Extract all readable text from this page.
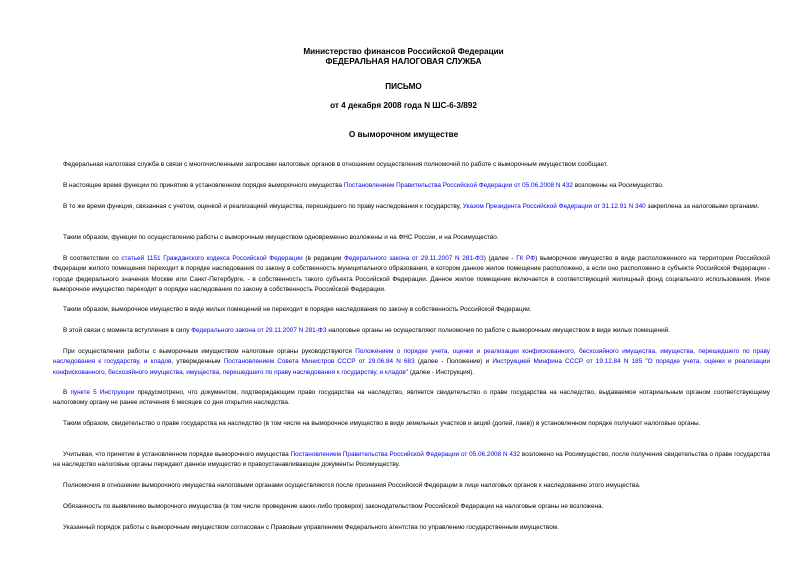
Министерство финансов Российской Федерации
ФЕДЕРАЛЬНАЯ НАЛОГОВАЯ СЛУЖБА
ПИСЬМО
от 4 декабря 2008 года N ШС-6-3/892
О выморочном имуществе

Федеральная налоговая служба в связи с многочисленными запросами налоговых органов в отношении осуществления полномочий по работе с выморочным имуществом сообщает.

В настоящее время функции по принятию в установленном порядке выморочного имущества Постановлением Правительства Российской Федерации от 05.06.2008 N 432 возложены на Росимущество.

В то же время функция, связанная с учетом, оценкой и реализацией имущества, перешедшего по праву наследования к государству, Указом Президента Российской Федерации от 31.12.91 N 340 закреплена за налоговыми органами.

Таким образом, функции по осуществлению работы с выморочным имуществом одновременно возложены и на ФНС России, и на Росимущество.

В соответствии со статьей 1151 Гражданского кодекса Российской Федерации (в редакции Федерального закона от 29.11.2007 N 281-ФЗ) (далее - ГК РФ) выморочное имущество в виде расположенного на территории Российской Федерации жилого помещения переходит в порядке наследования по закону в собственность муниципального образования, в котором данное жилое помещение расположено, а если оно расположено в субъекте Российской Федерации - городе федерального значения Москве или Санкт-Петербурге, - в собственность такого субъекта Российской Федерации. Данное жилое помещение включается в соответствующий жилищный фонд социального использования. Иное выморочное имущество переходит в порядке наследования по закону в собственность Российской Федерации.

Таким образом, выморочное имущество в виде жилых помещений не переходит в порядке наследования по закону в собственность Российской Федерации.

В этой связи с момента вступления в силу Федерального закона от 29.11.2007 N 281-ФЗ налоговые органы не осуществляют полномочия по работе с выморочным имуществом в виде жилых помещений.

При осуществлении работы с выморочным имуществом налоговые органы руководствуются Положением о порядке учета, оценки и реализации конфискованного, бесхозяйного имущества, имущества, перешедшего по праву наследования к государству, и кладов, утвержденным Постановлением Совета Министров СССР от 29.06.84 N 683 (далее - Положение) и Инструкцией Минфина СССР от 19.12.84 N 185 "О порядке учета, оценки и реализации конфискованного, бесхозяйного имущества, имущества, перешедшего по праву наследования к государству, и кладов" (далее - Инструкция).

В пункте 5 Инструкции предусмотрено, что документом, подтверждающим право государства на наследство, является свидетельство о праве государства на наследство, выдаваемое нотариальным органом соответствующему налоговому органу не ранее истечения 6 месяцев со дня открытия наследства.

Таким образом, свидетельство о праве государства на наследство (в том числе на выморочное имущество в виде земельных участков и акций (долей, паев)) в установленном порядке получают налоговые органы.

Учитывая, что принятие в установленном порядке выморочного имущества Постановлением Правительства Российской Федерации от 05.06.2008 N 432 возложено на Росимущество, после получения свидетельства о праве государства на наследство налоговые органы передают данное имущество и правоустанавливающие документы Росимуществу.

Полномочия в отношении выморочного имущества налоговыми органами осуществляются после признания Российской Федерации в лице налоговых органов к наследованию этого имущества.

Обязанность по выявлению выморочного имущества (в том числе проведение каких-либо проверок) законодательством Российской Федерации на налоговые органы не возложена.

Указанный порядок работы с выморочным имуществом согласован с Правовым управлением Федерального агентства по управлению государственным имуществом.
